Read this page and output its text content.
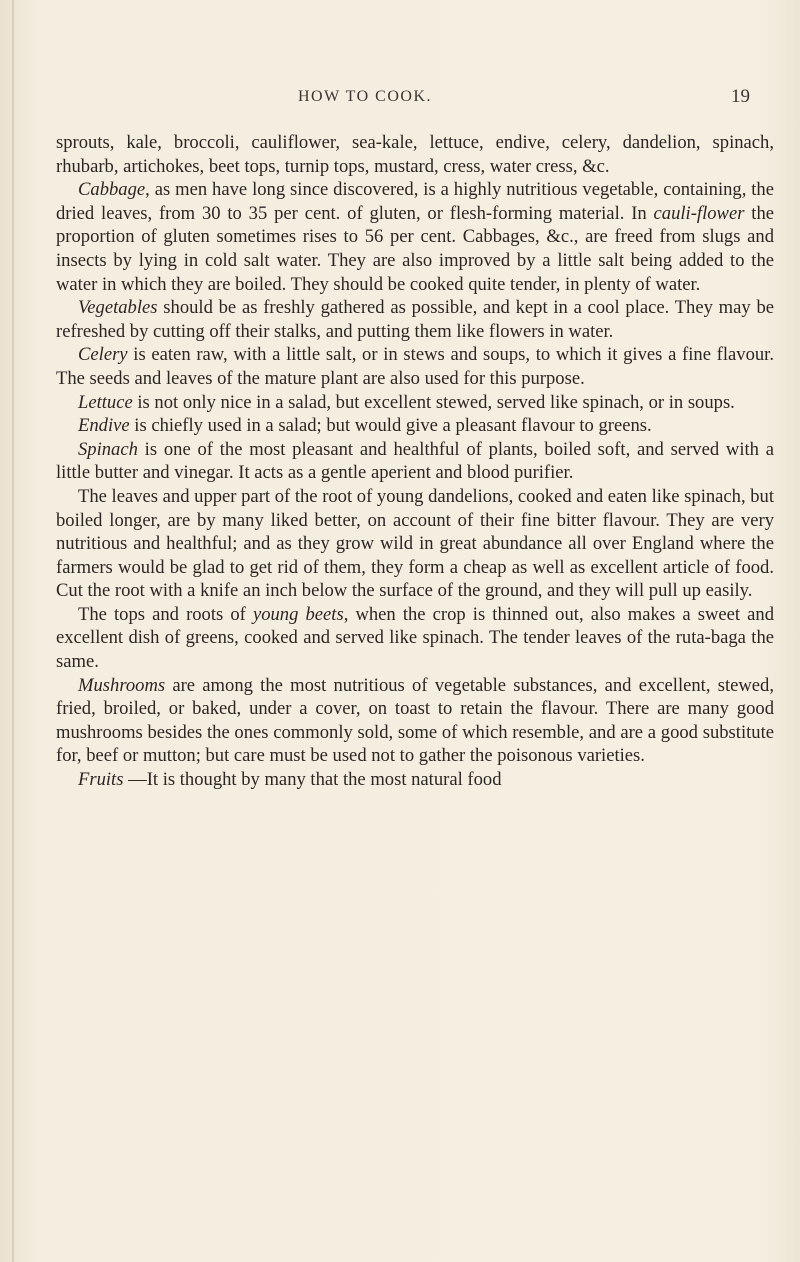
HOW TO COOK.	19

sprouts, kale, broccoli, cauliflower, sea-kale, lettuce, endive, celery, dandelion, spinach, rhubarb, artichokes, beet tops, turnip tops, mustard, cress, water cress, &c.

Cabbage, as men have long since discovered, is a highly nutritious vegetable, containing, the dried leaves, from 30 to 35 per cent. of gluten, or flesh-forming material. In cauli-flower the proportion of gluten sometimes rises to 56 per cent. Cabbages, &c., are freed from slugs and insects by lying in cold salt water. They are also improved by a little salt being added to the water in which they are boiled. They should be cooked quite tender, in plenty of water.

Vegetables should be as freshly gathered as possible, and kept in a cool place. They may be refreshed by cutting off their stalks, and putting them like flowers in water.

Celery is eaten raw, with a little salt, or in stews and soups, to which it gives a fine flavour. The seeds and leaves of the mature plant are also used for this purpose.

Lettuce is not only nice in a salad, but excellent stewed, served like spinach, or in soups.

Endive is chiefly used in a salad; but would give a pleasant flavour to greens.

Spinach is one of the most pleasant and healthful of plants, boiled soft, and served with a little butter and vinegar. It acts as a gentle aperient and blood purifier.

The leaves and upper part of the root of young dandelions, cooked and eaten like spinach, but boiled longer, are by many liked better, on account of their fine bitter flavour. They are very nutritious and healthful; and as they grow wild in great abundance all over England where the farmers would be glad to get rid of them, they form a cheap as well as excellent article of food. Cut the root with a knife an inch below the surface of the ground, and they will pull up easily.

The tops and roots of young beets, when the crop is thinned out, also makes a sweet and excellent dish of greens, cooked and served like spinach. The tender leaves of the ruta-baga the same.

Mushrooms are among the most nutritious of vegetable substances, and excellent, stewed, fried, broiled, or baked, under a cover, on toast to retain the flavour. There are many good mushrooms besides the ones commonly sold, some of which resemble, and are a good substitute for, beef or mutton; but care must be used not to gather the poisonous varieties.

Fruits —It is thought by many that the most natural food
